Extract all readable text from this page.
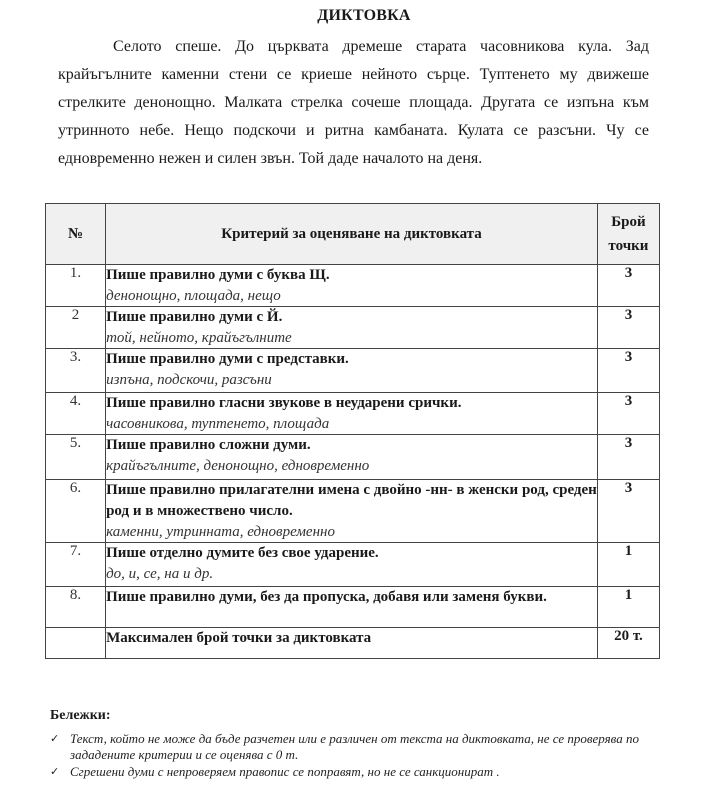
ДИКТОВКА

Селото спеше. До църквата дремеше старата часовникова кула. Зад крайъгълните каменни стени се криеше нейното сърце. Туптенето му движеше стрелките денонощно. Малката стрелка сочеше площада. Другата се изпъна към утринното небе. Нещо подскочи и ритна камбаната. Кулата се разсъни. Чу се едновременно нежен и силен звън. Той даде началото на деня.

№	Критерий за оценяване на диктовката	Брой
точки
1.	Пише правилно думи с буква Щ.
денонощно, площада, нещо	3
2	Пише правилно думи с Й.
той, нейното, крайъгълните	3
3.	Пише правилно думи с представки.
изпъна, подскочи, разсъни	3
4.	Пише правилно гласни звукове в неударени срички.
часовникова, туптенето, площада	3
5.	Пише правилно сложни думи.
крайъгълните, денонощно, едновременно	3
6.	Пише правилно прилагателни имена с двойно -нн- в женски род, среден род и в множествено число.
каменни, утринната, едновременно	3
7.	Пише отделно думите без свое ударение.
до, и, се, на и др.	1
8.	Пише правилно думи, без да пропуска, добавя или заменя букви.	1

	Максимален брой точки за диктовката	20 т.
Бележки:
✓ Текст, който не може да бъде разчетен или е различен от текста на диктовката, не се проверява по зададените критерии и се оценява с 0 т.
✓ Сгрешени думи с непроверяем правопис се поправят, но не се санкционират .
